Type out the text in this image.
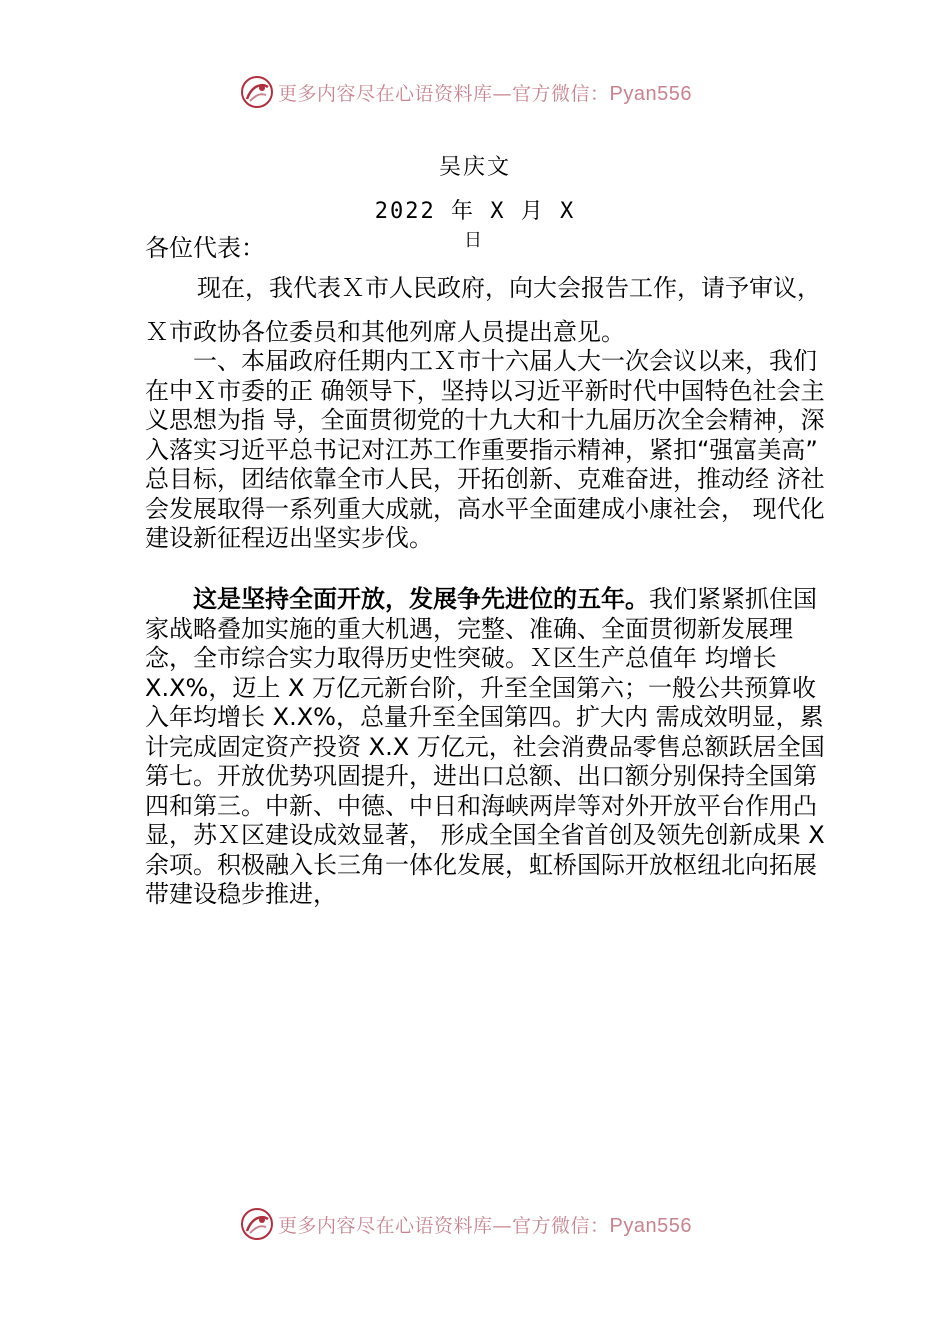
更多内容尽在心语资料库—官方微信：Pyan556
吴庆文
2022 年 X 月 X
日
各位代表：

现在，我代表Ｘ市人民政府，向大会报告工作，请予审议，Ｘ市政协各位委员和其他列席人员提出意见。

一、本届政府任期内工Ｘ市十六届人大一次会议以来，我们在中Ｘ市委的正 确领导下，坚持以习近平新时代中国特色社会主义思想为指 导，全面贯彻党的十九大和十九届历次全会精神，深入落实习近平总书记对江苏工作重要指示精神，紧扣“强富美高” 总目标，团结依靠全市人民，开拓创新、克难奋进，推动经 济社会发展取得一系列重大成就，高水平全面建成小康社会， 现代化建设新征程迈出坚实步伐。

这是坚持全面开放，发展争先进位的五年。我们紧紧抓住国家战略叠加实施的重大机遇，完整、准确、全面贯彻新发展理念，全市综合实力取得历史性突破。Ｘ区生产总值年 均增长 X.X%，迈上 X 万亿元新台阶，升至全国第六；一般公共预算收入年均增长 X.X%，总量升至全国第四。扩大内 需成效明显，累计完成固定资产投资 X.X 万亿元，社会消费品零售总额跃居全国第七。开放优势巩固提升，进出口总额、出口额分别保持全国第四和第三。中新、中德、中日和海峡两岸等对外开放平台作用凸显，苏Ｘ区建设成效显著， 形成全国全省首创及领先创新成果 X 余项。积极融入长三角一体化发展，虹桥国际开放枢纽北向拓展带建设稳步推进，

更多内容尽在心语资料库—官方微信：Pyan556
